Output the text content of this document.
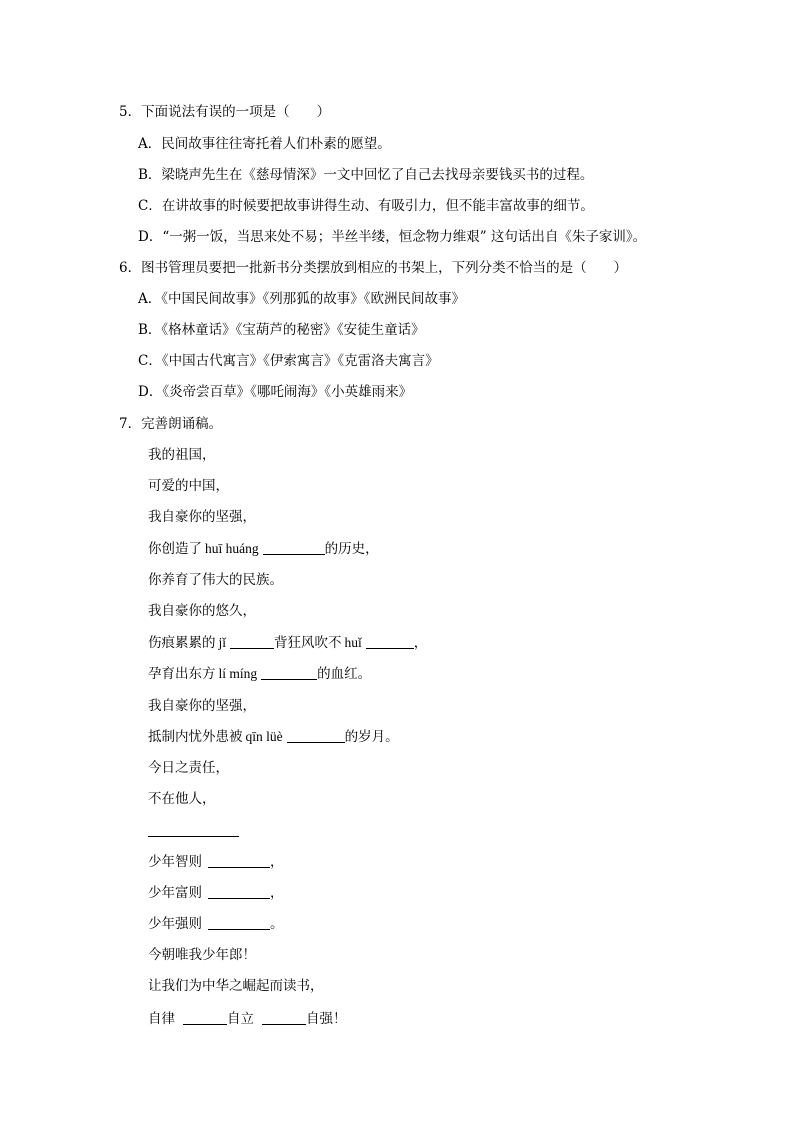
5．下面说法有误的一项是（　　）
A．民间故事往往寄托着人们朴素的愿望。
B．梁晓声先生在《慈母情深》一文中回忆了自己去找母亲要钱买书的过程。
C．在讲故事的时候要把故事讲得生动、有吸引力，但不能丰富故事的细节。
D．“一粥一饭，当思来处不易；半丝半缕，恒念物力维艰” 这句话出自《朱子家训》。
6．图书管理员要把一批新书分类摆放到相应的书架上，下列分类不恰当的是（　　）
A．《中国民间故事》《列那狐的故事》《欧洲民间故事》
B．《格林童话》《宝葫芦的秘密》《安徒生童话》
C．《中国古代寓言》《伊索寓言》《克雷洛夫寓言》
D．《炎帝尝百草》《哪吒闹海》《小英雄雨来》
7．完善朗诵稿。
我的祖国，
可爱的中国，
我自豪你的坚强，
你创造了 huī huáng	的历史，
你养育了伟大的民族。
我自豪你的悠久，
伤痕累累的 jǐ	背狂风吹不 huǐ	，
孕育出东方 lí míng	的血红。
我自豪你的坚强，
抵制内忧外患被 qīn lüè	的岁月。
今日之责任，
不在他人，
少年智则	，
少年富则	，
少年强则	。
今朝唯我少年郎！
让我们为中华之崛起而读书，
自律	自立	自强！
